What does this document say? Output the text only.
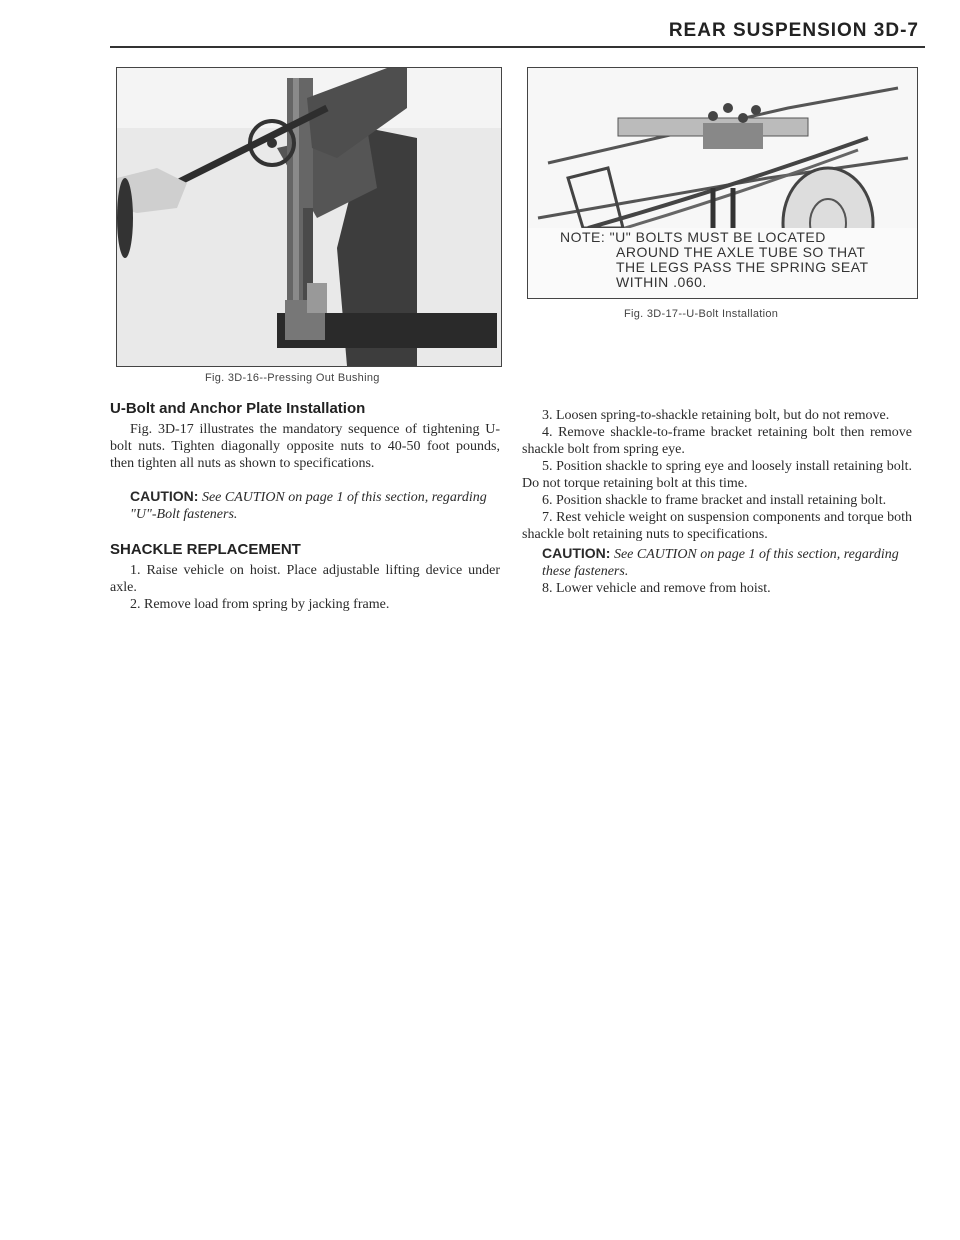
REAR SUSPENSION 3D-7
Fig. 3D-16--Pressing Out Bushing
NOTE: "U" BOLTS MUST BE LOCATED
AROUND THE AXLE TUBE SO THAT
THE LEGS PASS THE SPRING SEAT
WITHIN .060.
Fig. 3D-17--U-Bolt Installation
U-Bolt and Anchor Plate Installation

Fig. 3D-17 illustrates the mandatory sequence of tightening U-bolt nuts. Tighten diagonally opposite nuts to 40-50 foot pounds, then tighten all nuts as shown to specifications.

CAUTION: See CAUTION on page 1 of this section, regarding "U"-Bolt fasteners.
SHACKLE REPLACEMENT

1. Raise vehicle on hoist. Place adjustable lifting device under axle.

2. Remove load from spring by jacking frame.

3. Loosen spring-to-shackle retaining bolt, but do not remove.

4. Remove shackle-to-frame bracket retaining bolt then remove shackle bolt from spring eye.

5. Position shackle to spring eye and loosely install retaining bolt. Do not torque retaining bolt at this time.

6. Position shackle to frame bracket and install retaining bolt.

7. Rest vehicle weight on suspension components and torque both shackle bolt retaining nuts to specifications.

CAUTION: See CAUTION on page 1 of this section, regarding these fasteners.

8. Lower vehicle and remove from hoist.
